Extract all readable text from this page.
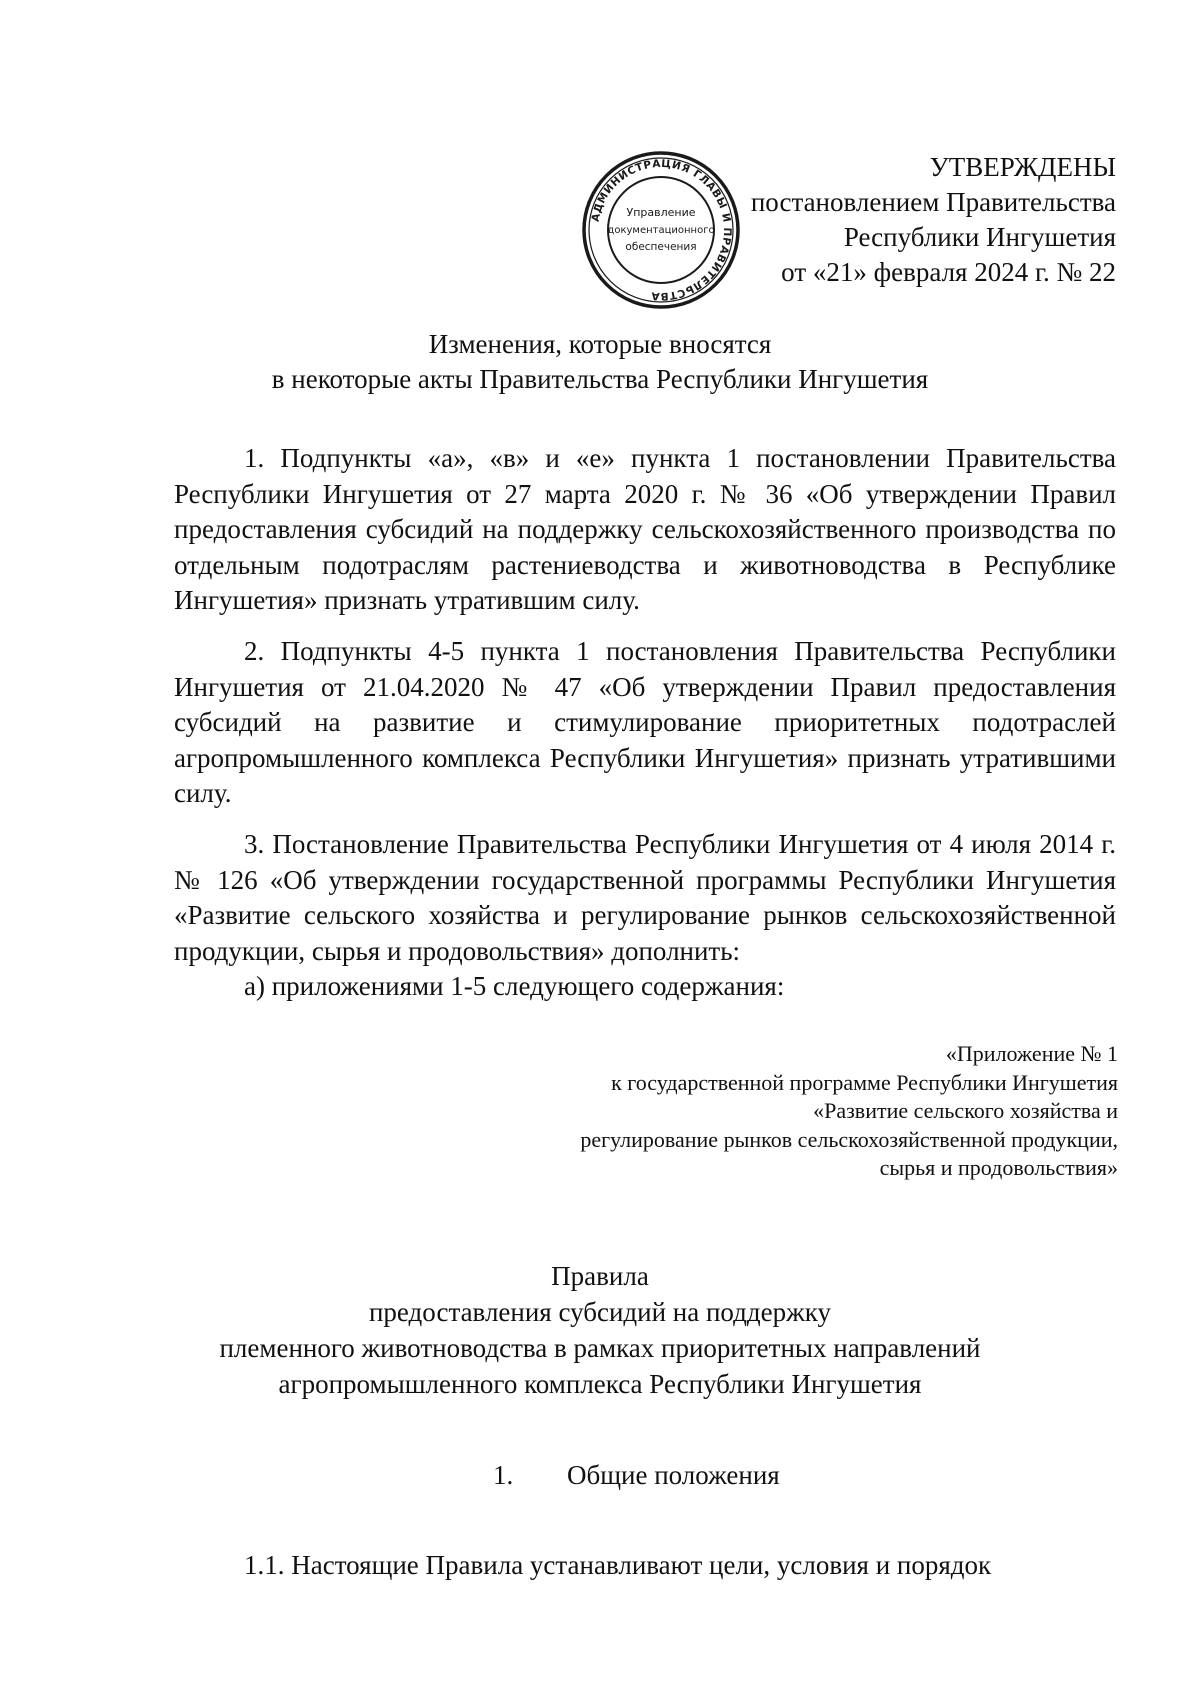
АДМИНИСТРАЦИЯ ГЛАВЫ И ПРАВИТЕЛЬСТВА
Управление
документационного
обеспечения
УТВЕРЖДЕНЫ
постановлением Правительства
Республики Ингушетия
от «21» февраля 2024 г. № 22
Изменения, которые вносятся
в некоторые акты Правительства Республики Ингушетия

1. Подпункты «а», «в» и «е» пункта 1 постановлении Правительства Республики Ингушетия от 27 марта 2020 г. № 36 «Об утверждении Правил предоставления субсидий на поддержку сельскохозяйственного производства по отдельным подотраслям растениеводства и животноводства в Республике Ингушетия» признать утратившим силу.

2. Подпункты 4-5 пункта 1 постановления Правительства Республики Ингушетия от 21.04.2020 № 47 «Об утверждении Правил предоставления субсидий на развитие и стимулирование приоритетных подотраслей агропромышленного комплекса Республики Ингушетия» признать утратившими силу.

3. Постановление Правительства Республики Ингушетия от 4 июля 2014 г. № 126 «Об утверждении государственной программы Республики Ингушетия «Развитие сельского хозяйства и регулирование рынков сельскохозяйственной продукции, сырья и продовольствия» дополнить:

а) приложениями 1-5 следующего содержания:

«Приложение № 1
к государственной программе Республики Ингушетия
«Развитие сельского хозяйства и
регулирование рынков сельскохозяйственной продукции,
сырья и продовольствия»
Правила
предоставления субсидий на поддержку
племенного животноводства в рамках приоритетных направлений
агропромышленного комплекса Республики Ингушетия
1. Общие положения

1.1. Настоящие Правила устанавливают цели, условия и порядок
